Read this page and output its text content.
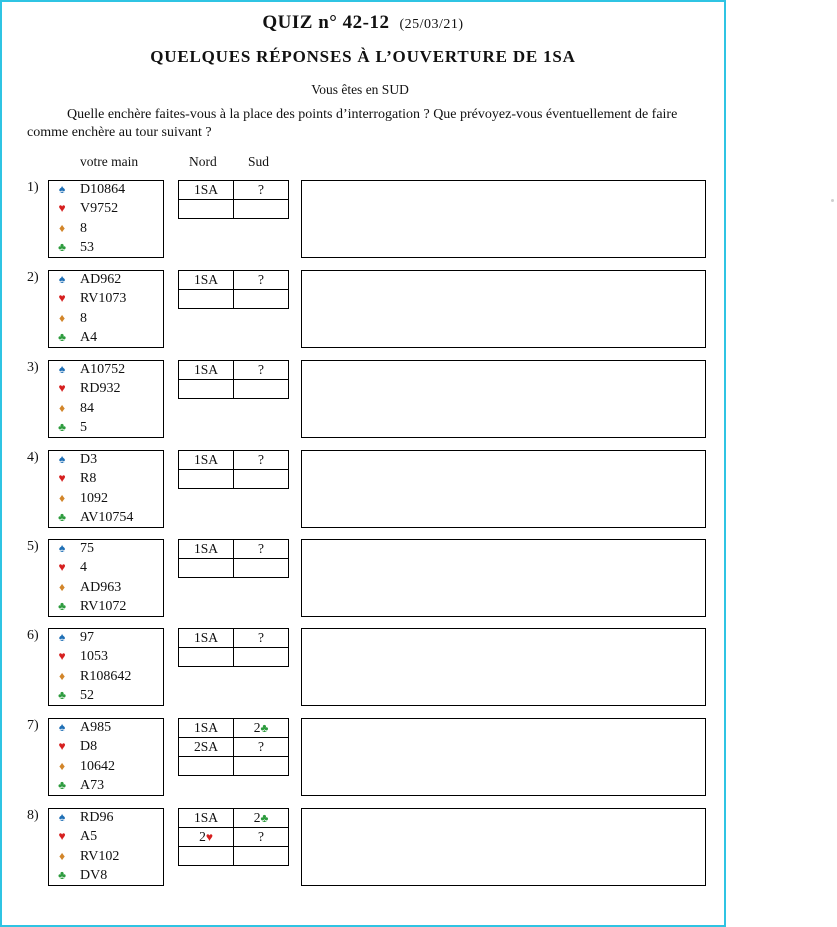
QUIZ n° 42-12 (25/03/21)
QUELQUES RÉPONSES À L’OUVERTURE DE 1SA
Vous êtes en SUD
Quelle enchère faites-vous à la place des points d’interrogation ? Que prévoyez-vous éventuellement de faire comme enchère au tour suivant ?
votre main	Nord Sud
1) ♠ D10864
♥ V9752
♦ 8
♣ 53
1SA	?

2) ♠ AD962
♥ RV1073
♦ 8
♣ A4
1SA	?

3) ♠ A10752
♥ RD932
♦ 84
♣ 5
1SA	?

4) ♠ D3
♥ R8
♦ 1092
♣ AV10754
1SA	?

5) ♠ 75
♥ 4
♦ AD963
♣ RV1072
1SA	?

6) ♠ 97
♥ 1053
♦ R108642
♣ 52
1SA	?

7) ♠ A985
♥ D8
♦ 10642
♣ A73
1SA	2♣
2SA	?

8) ♠ RD96
♥ A5
♦ RV102
♣ DV8
1SA	2♣
2♥	?
